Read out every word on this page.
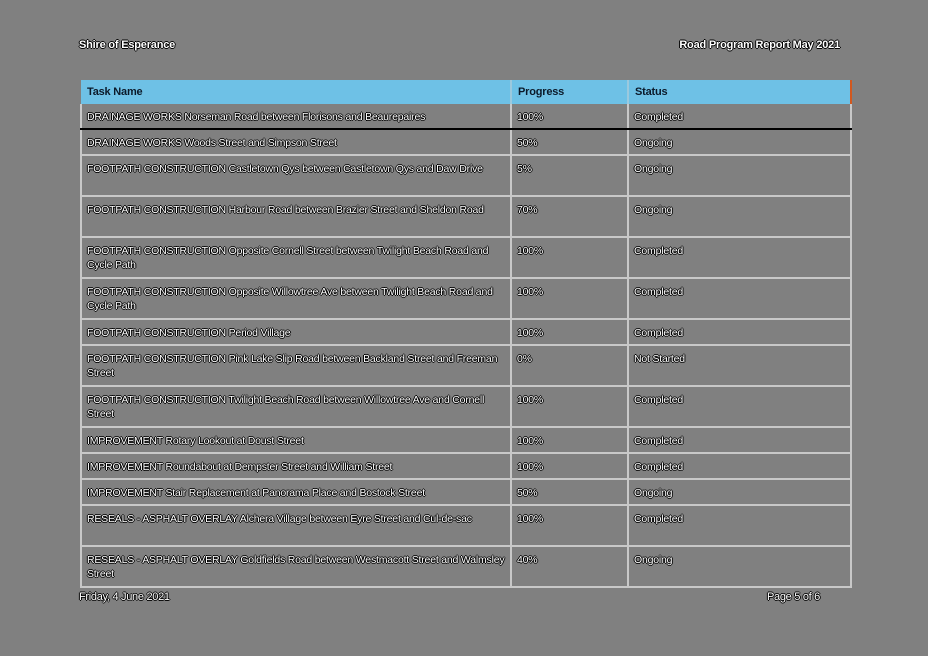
Shire of Esperance	Road Program Report May 2021
Task Name	Progress	Status
DRAINAGE WORKS Norseman Road between Florisons and Beaurepaires	100%	Completed
DRAINAGE WORKS Woods Street and Simpson Street	50%	Ongoing
FOOTPATH CONSTRUCTION Castletown Qys between Castletown Qys and Daw Drive	5%	Ongoing
FOOTPATH CONSTRUCTION Harbour Road between Brazier Street and Sheldon Road	70%	Ongoing
FOOTPATH CONSTRUCTION Opposite Cornell Street between Twilight Beach Road and Cycle Path	100%	Completed
FOOTPATH CONSTRUCTION Opposite Willowtree Ave between Twilight Beach Road and Cycle Path	100%	Completed
FOOTPATH CONSTRUCTION Period Village	100%	Completed
FOOTPATH CONSTRUCTION Pink Lake Slip Road between Backland Street and Freeman Street	0%	Not Started
FOOTPATH CONSTRUCTION Twilight Beach Road between Willowtree Ave and Cornell Street	100%	Completed
IMPROVEMENT Rotary Lookout at Doust Street	100%	Completed
IMPROVEMENT Roundabout at Dempster Street and William Street	100%	Completed
IMPROVEMENT Stair Replacement at Panorama Place and Bostock Street	50%	Ongoing
RESEALS - ASPHALT OVERLAY Alchera Village between Eyre Street and Cul-de-sac	100%	Completed
RESEALS - ASPHALT OVERLAY Goldfields Road between Westmacott Street and Walmsley Street	40%	Ongoing
Friday, 4 June 2021	Page 5 of 6
